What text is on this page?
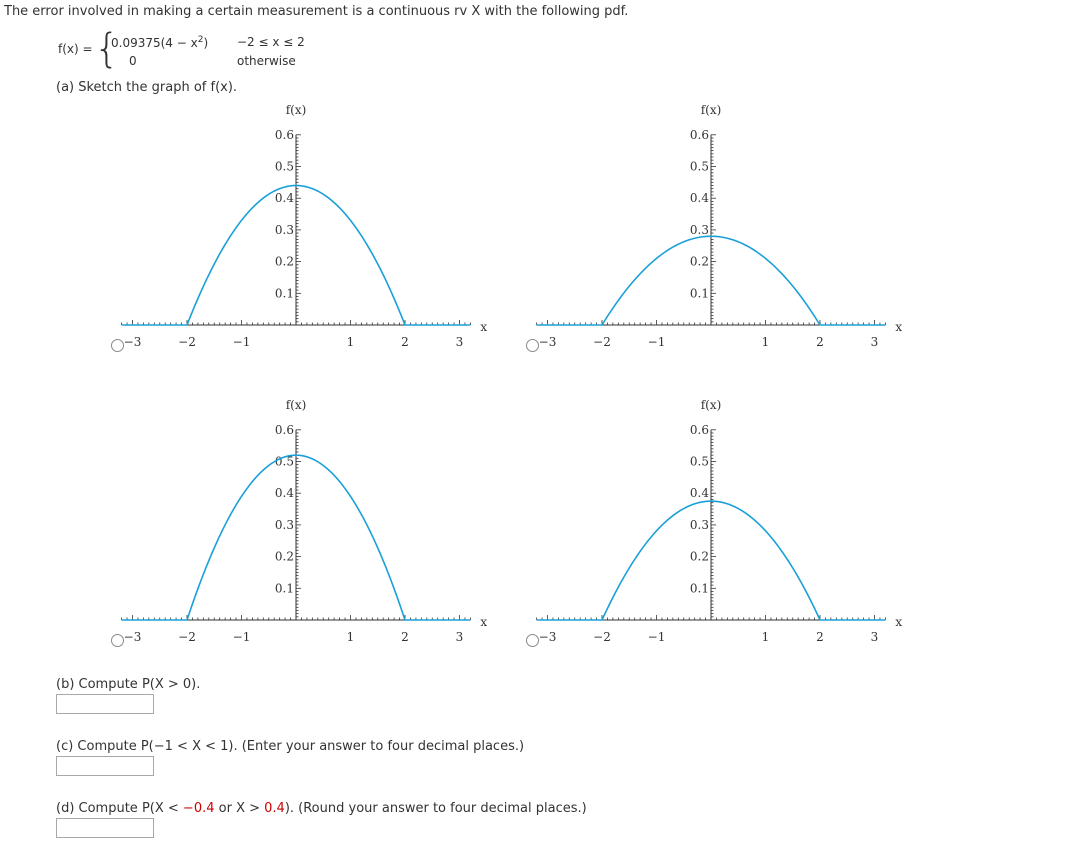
The error involved in making a certain measurement is a continuous rv X with the following pdf.
f(x) = {
$0.09375(4 - x^2) -2 \le x \le 2$
0	otherwise
(a) Sketch the graph of f(x).
0.6
0.5
0.4
0.3
0.2
0.1
−3	−2	−1	1	2	3
f(x)
x
0.6
0.5
0.4
0.3
0.2
0.1
−3	−2	−1	1	2	3
f(x)
x
0.6
0.5
0.4
0.3
0.2
0.1
−3	−2	−1	1	2	3
f(x)
x
0.6
0.5
0.4
0.3
0.2
0.1
−3	−2	−1	1	2	3
f(x)
x
(b) Compute P(X > 0).
(c) Compute P(−1 < X < 1). (Enter your answer to four decimal places.)
(d) Compute P(X < −0.4 or X > 0.4). (Round your answer to four decimal places.)
